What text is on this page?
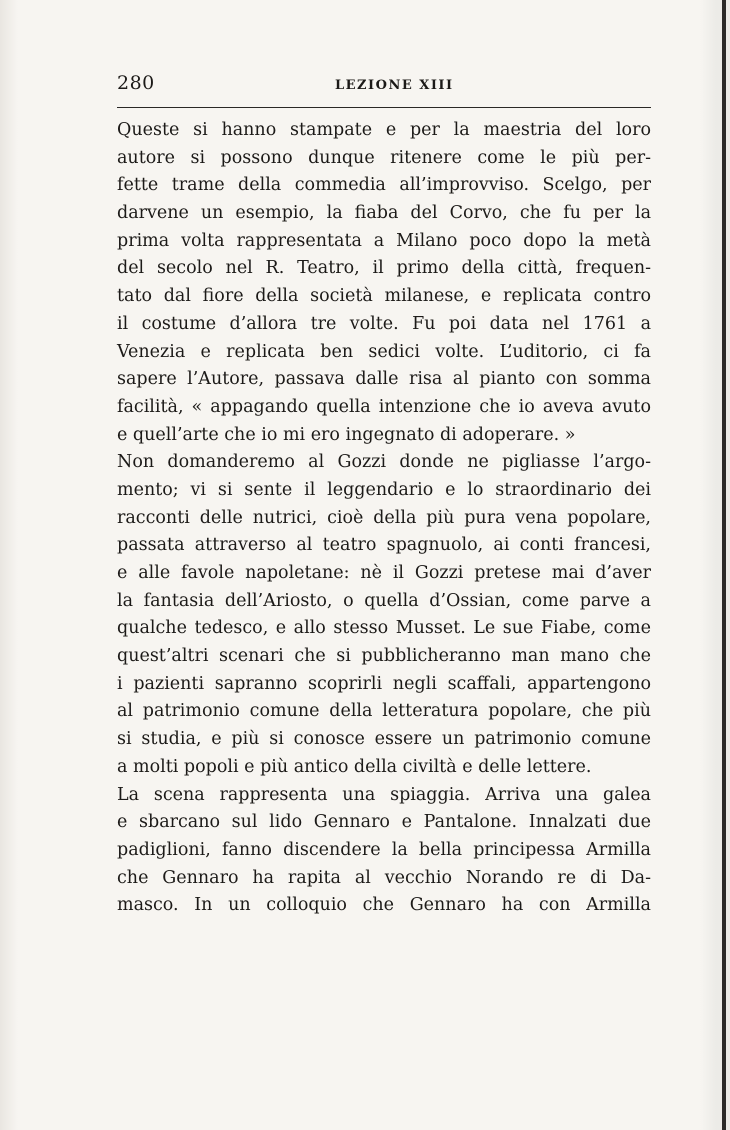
280	LEZIONE XIII
Queste si hanno stampate e per la maestria del loro
autore si possono dunque ritenere come le più per-
fette trame della commedia all’improvviso. Scelgo, per
darvene un esempio, la fiaba del Corvo, che fu per la
prima volta rappresentata a Milano poco dopo la metà
del secolo nel R. Teatro, il primo della città, frequen-
tato dal fiore della società milanese, e replicata contro
il costume d’allora tre volte. Fu poi data nel 1761 a
Venezia e replicata ben sedici volte. L’uditorio, ci fa
sapere l’Autore, passava dalle risa al pianto con somma
facilità, « appagando quella intenzione che io aveva avuto
e quell’arte che io mi ero ingegnato di adoperare. »
Non domanderemo al Gozzi donde ne pigliasse l’argo-
mento; vi si sente il leggendario e lo straordinario dei
racconti delle nutrici, cioè della più pura vena popolare,
passata attraverso al teatro spagnuolo, ai conti francesi,
e alle favole napoletane: nè il Gozzi pretese mai d’aver
la fantasia dell’Ariosto, o quella d’Ossian, come parve a
qualche tedesco, e allo stesso Musset. Le sue Fiabe, come
quest’altri scenari che si pubblicheranno man mano che
i pazienti sapranno scoprirli negli scaffali, appartengono
al patrimonio comune della letteratura popolare, che più
si studia, e più si conosce essere un patrimonio comune
a molti popoli e più antico della civiltà e delle lettere.
La scena rappresenta una spiaggia. Arriva una galea
e sbarcano sul lido Gennaro e Pantalone. Innalzati due
padiglioni, fanno discendere la bella principessa Armilla
che Gennaro ha rapita al vecchio Norando re di Da-
masco. In un colloquio che Gennaro ha con Armilla
